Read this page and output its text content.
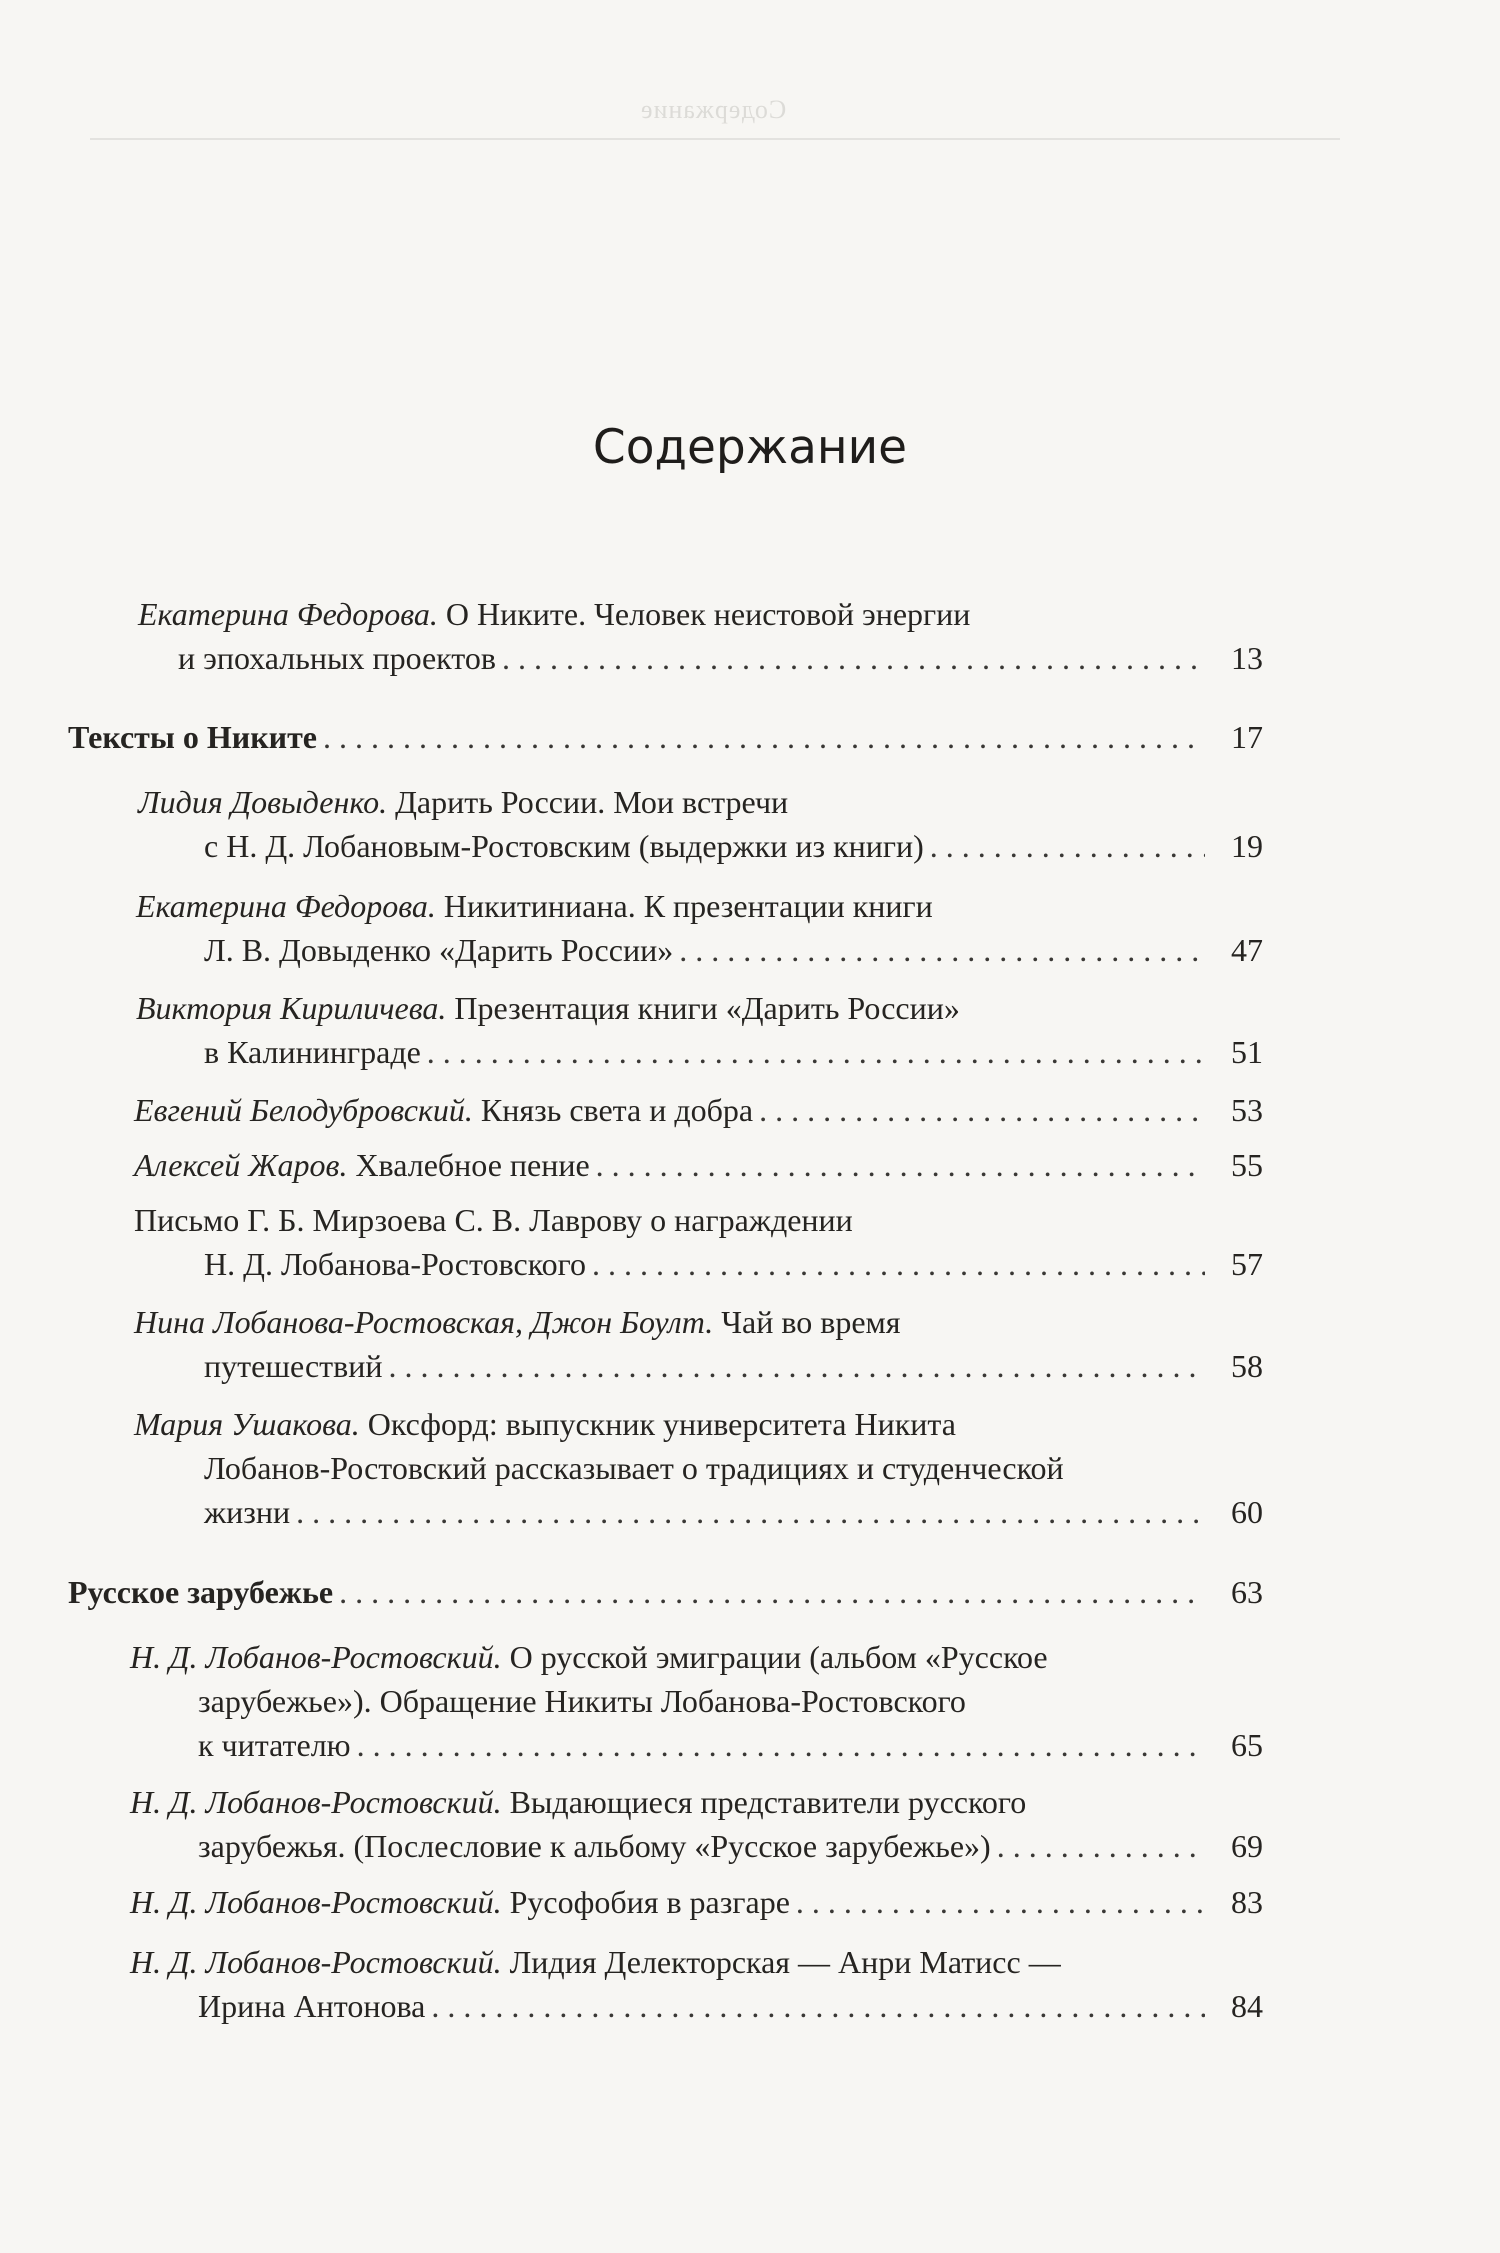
Содержание
Содержание
Екатерина Федорова. О Никите. Человек неистовой энергии
и эпохальных проектов . . .	13
Тексты о Никите . . .	17
Лидия Довыденко. Дарить России. Мои встречи
с Н. Д. Лобановым-Ростовским (выдержки из книги) . . .	19
Екатерина Федорова. Никитиниана. К презентации книги
Л. В. Довыденко «Дарить России» . . .	47
Виктория Кириличева. Презентация книги «Дарить России»
в Калининграде . . .	51
Евгений Белодубровский. Князь света и добра . . .	53
Алексей Жаров. Хвалебное пение . . .	55
Письмо Г. Б. Мирзоева С. В. Лаврову о награждении
Н. Д. Лобанова-Ростовского . . .	57
Нина Лобанова-Ростовская, Джон Боулт. Чай во время
путешествий . . .	58
Мария Ушакова. Оксфорд: выпускник университета Никита
Лобанов-Ростовский рассказывает о традициях и студенческой
жизни . . .	60
Русское зарубежье . . .	63
Н. Д. Лобанов-Ростовский. О русской эмиграции (альбом «Русское
зарубежье»). Обращение Никиты Лобанова-Ростовского
к читателю . . .	65
Н. Д. Лобанов-Ростовский. Выдающиеся представители русского
зарубежья. (Послесловие к альбому «Русское зарубежье») . . .	69
Н. Д. Лобанов-Ростовский. Русофобия в разгаре . . .	83
Н. Д. Лобанов-Ростовский. Лидия Делекторская — Анри Матисс —
Ирина Антонова . . .	84
